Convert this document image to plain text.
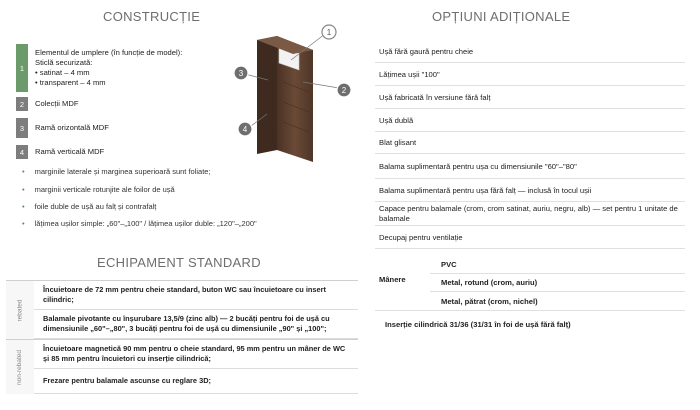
CONSTRUCȚIE	OPȚIUNI ADIȚIONALE
ECHIPAMENT STANDARD
1
Elementul de umplere (în funcție de model):
Sticlă securizată:
• satinat – 4 mm
• transparent – 4 mm
2	Colecții MDF
3	Ramă orizontală MDF
4	Ramă verticală MDF
• marginile laterale și marginea superioară sunt foliate;
• marginii verticale rotunjite ale foilor de ușă
• foile duble de ușă au falț și contrafalț
• lățimea ușilor simple: „60"–„100" / lățimea ușilor duble: „120"–„200"
1
2
3
4
Ușă fără gaură pentru cheie
Lățimea ușii "100"
Ușă fabricată în versiune fără falț
Ușă dublă
Blat glisant
Balama suplimentară pentru ușa cu dimensiunile "60"–"80"
Balama suplimentară pentru ușa fără falț — inclusă în tocul ușii
Capace pentru balamale (crom, crom satinat, auriu, negru, alb) — set pentru 1 unitate de balamale
Decupaj pentru ventilație
Mânere
PVC
Metal, rotund (crom, auriu)
Metal, pătrat (crom, nichel)
Inserție cilindrică 31/36 (31/31 în foi de ușă fără falț)
rebated
Încuietoare de 72 mm pentru cheie standard, buton WC sau încuietoare cu insert cilindric;
Balamale pivotante cu înșurubare 13,5/9 (zinc alb) — 2 bucăți pentru foi de ușă cu dimensiunile „60"–„80", 3 bucăți pentru foi de ușă cu dimensiunile „90" și „100";
non-rebated
Încuietoare magnetică 90 mm pentru o cheie standard, 95 mm pentru un mâner de WC și 85 mm pentru încuietori cu inserție cilindrică;
Frezare pentru balamale ascunse cu reglare 3D;
